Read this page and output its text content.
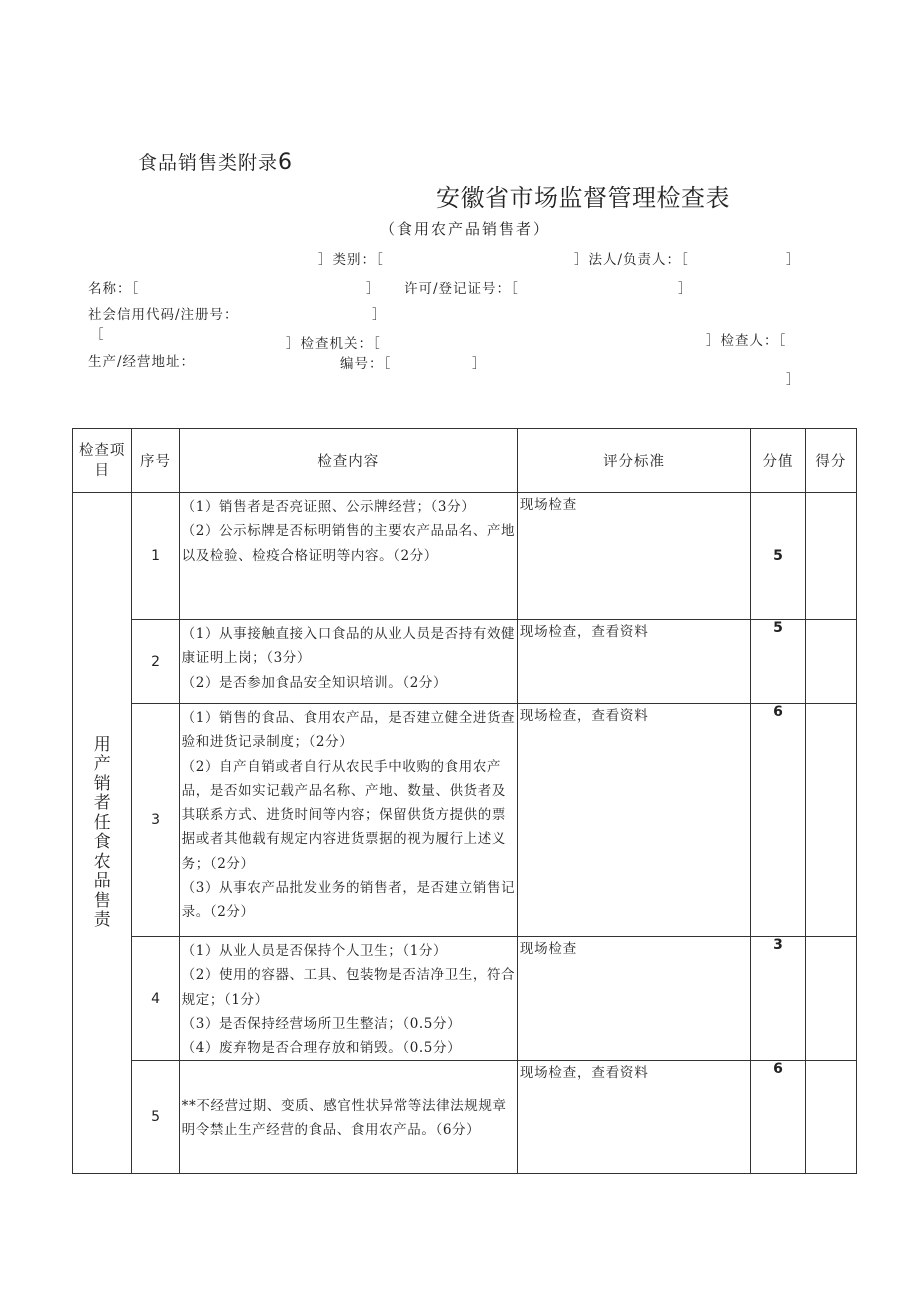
食品销售类附录6
安徽省市场监督管理检查表
（食用农产品销售者）
］类别：［	］法人/负责人：［	］
名称：［	］ 许可/登记证号：［	］
社会信用代码/注册号：	］
［
］检查机关：［	］检查人：［
生产/经营地址：	编号：［	］
］
检查项目	序号	检查内容	评分标准	分值	得分
用产销者任食农品售责	1	（1）销售者是否亮证照、公示牌经营；（3分）
（2）公示标牌是否标明销售的主要农产品品名、产地以及检验、检疫合格证明等内容。（2分）	现场检查	5	
	2	（1）从事接触直接入口食品的从业人员是否持有效健康证明上岗；（3分）
（2）是否参加食品安全知识培训。（2分）	现场检查，查看资料	5	
	3	（1）销售的食品、食用农产品，是否建立健全进货查验和进货记录制度；（2分）
（2）自产自销或者自行从农民手中收购的食用农产品，是否如实记载产品名称、产地、数量、供货者及其联系方式、进货时间等内容；保留供货方提供的票据或者其他载有规定内容进货票据的视为履行上述义务；（2分）
（3）从事农产品批发业务的销售者，是否建立销售记录。（2分）	现场检查，查看资料	6	
	4	（1）从业人员是否保持个人卫生；（1分）
（2）使用的容器、工具、包装物是否洁净卫生，符合规定；（1分）
（3）是否保持经营场所卫生整洁；（0.5分）
（4）废弃物是否合理存放和销毁。（0.5分）	现场检查	3	
	5	**不经营过期、变质、感官性状异常等法律法规规章明令禁止生产经营的食品、食用农产品。（6分）	现场检查，查看资料	6	
